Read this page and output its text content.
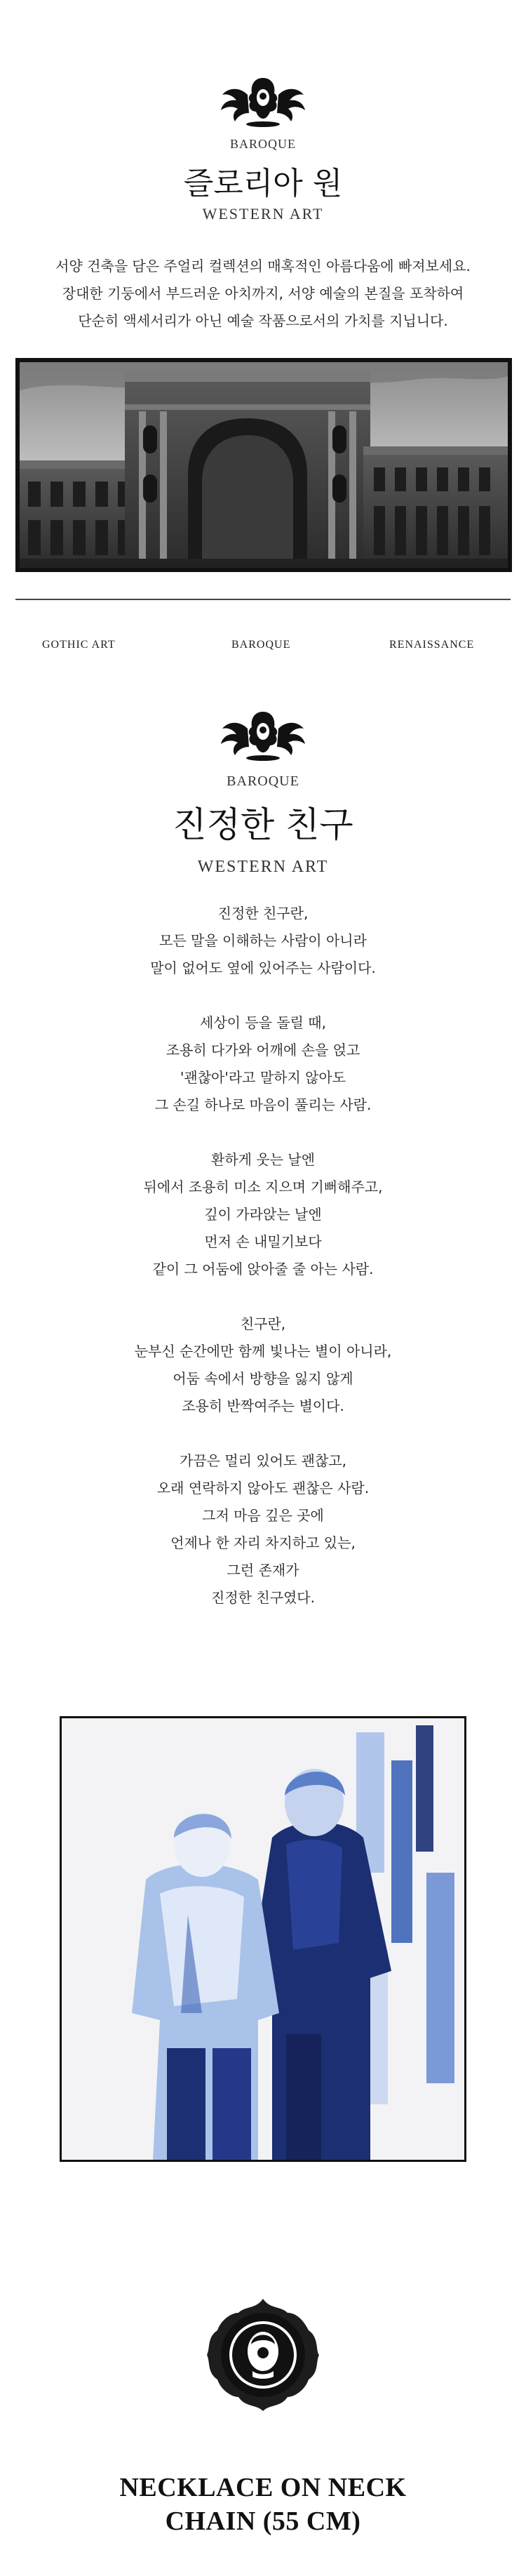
BAROQUE
즐로리아 원
WESTERN ART
서양 건축을 담은 주얼리 컬렉션의 매혹적인 아름다움에 빠져보세요.
장대한 기둥에서 부드러운 아치까지, 서양 예술의 본질을 포착하여
단순히 액세서리가 아닌 예술 작품으로서의 가치를 지닙니다.
GOTHIC ART	BAROQUE	RENAISSANCE
BAROQUE
진정한 친구
WESTERN ART
진정한 친구란,
모든 말을 이해하는 사람이 아니라
말이 없어도 옆에 있어주는 사람이다.
세상이 등을 돌릴 때,
조용히 다가와 어깨에 손을 얹고
'괜찮아'라고 말하지 않아도
그 손길 하나로 마음이 풀리는 사람.
환하게 웃는 날엔
뒤에서 조용히 미소 지으며 기뻐해주고,
깊이 가라앉는 날엔
먼저 손 내밀기보다
같이 그 어둠에 앉아줄 줄 아는 사람.
친구란,
눈부신 순간에만 함께 빛나는 별이 아니라,
어둠 속에서 방향을 잃지 않게
조용히 반짝여주는 별이다.
가끔은 멀리 있어도 괜찮고,
오래 연락하지 않아도 괜찮은 사람.
그저 마음 깊은 곳에
언제나 한 자리 차지하고 있는,
그런 존재가
진정한 친구였다.
NECKLACE ON NECK
CHAIN (55 CM)
